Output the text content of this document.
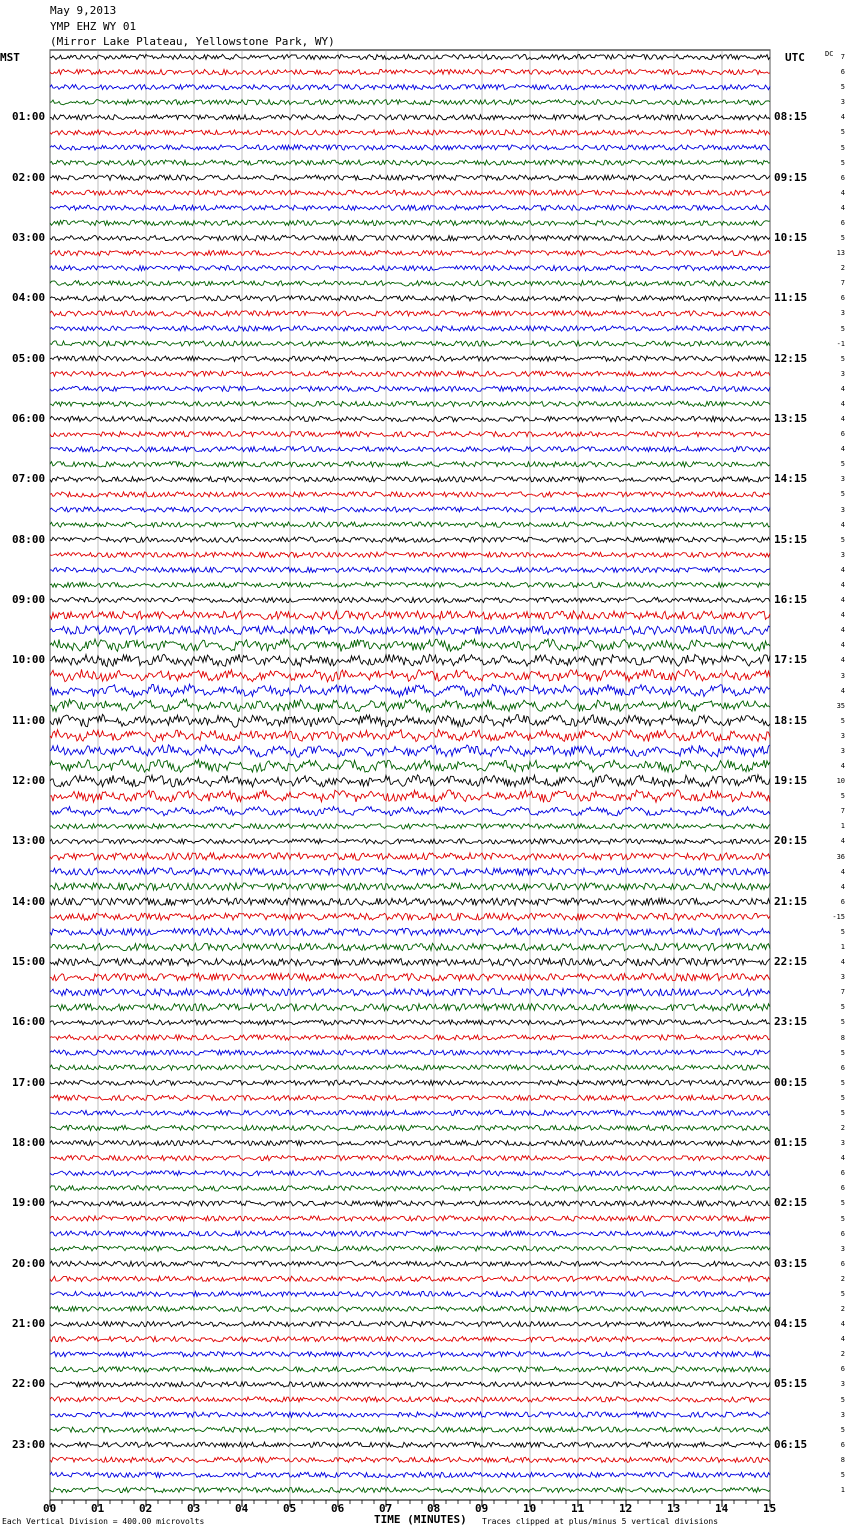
May 9,2013
YMP EHZ WY 01
(Mirror Lake Plateau, Yellowstone Park, WY)
MST	UTC	DC
01:00
02:00
03:00
04:00
05:00
06:00
07:00
08:00
09:00
10:00
11:00
12:00
13:00
14:00
15:00
16:00
17:00
18:00
19:00
20:00
21:00
22:00
23:00
08:15
09:15
10:15
11:15
12:15
13:15
14:15
15:15
16:15
17:15
18:15
19:15
20:15
21:15
22:15
23:15
00:15
01:15
02:15
03:15
04:15
05:15
06:15
7
6
5
3
4
5
5
5
6
4
4
6
5
13
2
7
6
3
5
-1
5
3
4
4
4
6
4
5
3
5
3
4
5
3
4
4
4
4
4
4
4
3
4
35
5
3
3
4
10
5
7
1
4
36
4
4
6
-15
5
1
4
3
7
5
5
8
5
6
5
5
5
2
3
4
6
6
5
5
6
3
6
2
5
2
4
4
2
6
3
5
3
5
6
8
5
1
00	01	02	03	04	05	06	07	08	09	10	11	12	13	14	15
Each Vertical Division = 400.00 microvolts	TIME (MINUTES) Traces clipped at plus/minus 5 vertical divisions
